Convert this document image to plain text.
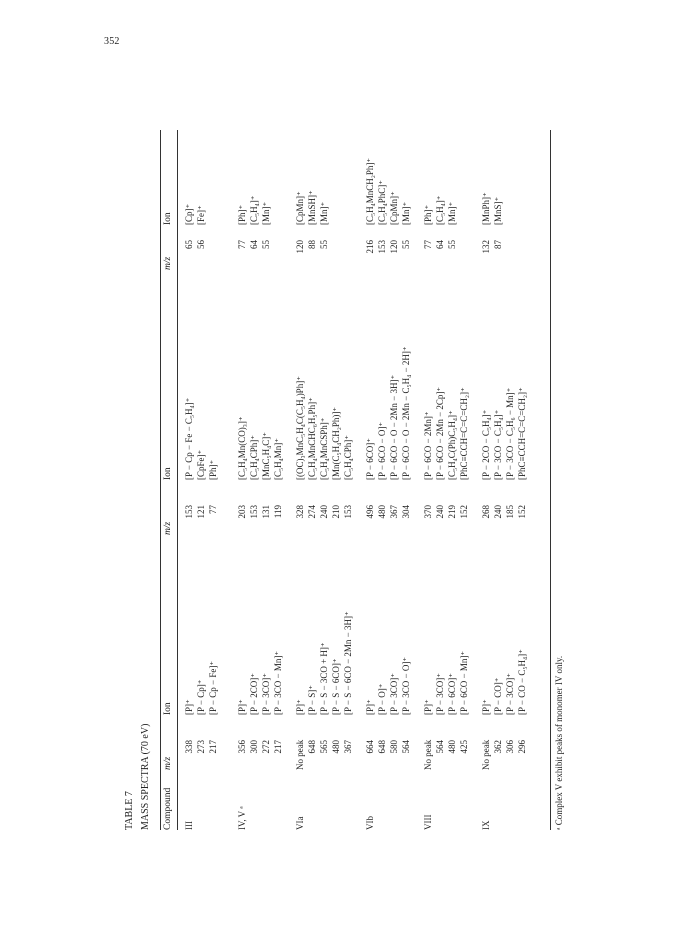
352
TABLE 7 MASS SPECTRA (70 eV) Compound
m/z
Ion
m/z
Ion
m/z
Ion
III
338 273 217
[P]⁺ [P − Cp]⁺ [P − Cp − Fe]⁺
153 121 77
[P − Cp − Fe − C₅H₄]⁺ [CpFe]⁺ [Ph]⁺
65 56
[Cp]⁺ [Fe]⁺
IV, V ᵃ
356 300 272 217
[P]⁺ [P − 2CO]⁺ [P − 3CO]⁺ [P − 3CO − Mn]⁺
203 153 131 119
[C₅H₄Mn(CO)₃]⁺ [C₅H₄CPh]⁺ [MnC₅H₄C]⁺ [C₅H₄Mn]⁺
77 64 55
[Ph]⁺ [C₅H₄]⁺ [Mn]⁺
VIa
No peak 648 565 480 367
[P]⁺ [P − S]⁺ [P − S − 3CO + H]⁺ [P − S − 6CO]⁺ [P − S − 6CO − 2Mn − 3H]⁺
328 274 240 210 153
[(OC)₃MnC₅H₄C(C₅H₄)Ph]⁺ [C₅H₄MnCHC₆H₅Ph]⁺ [C₅H₄MnCSPh]⁺ [Mn(C₅H₄CH₂Ph)]⁺ [C₅H₄CPh]⁺
120 88 55
[CpMn]⁺ [MnSH]⁺ [Mn]⁺
VIb
664 648 580 564
[P]⁺ [P − O]⁺ [P − 3CO]⁺ [P − 3CO − O]⁺
496 480 367 304
[P − 6CO]⁺ [P − 6CO − O]⁺ [P − 6CO − O − 2Mn − 3H]⁺ [P − 6CO − O − 2Mn − C₅H₄ − 2H]⁺
216 153 120 55
[C₅H₄MnCH₂Ph]⁺ [C₅H₄PhC]⁺ [CpMn]⁺ [Mn]⁺
VIII
No peak 564 480 425
[P]⁺ [P − 3CO]⁺ [P − 6CO]⁺ [P − 6CO − Mn]⁺
370 240 219 152
[P − 6CO − 2Mn]⁺ [P − 6CO − 2Mn − 2Cp]⁺ [C₅H₄C(Ph)C₅H₄]⁺ [PhC≡CCH=C=C=CH₂]⁺
77 64 55
[Ph]⁺ [C₅H₄]⁺ [Mn]⁺
IX
No peak 362 306 296
[P]⁺ [P − CO]⁺ [P − 3CO]⁺ [P − CO − C₅H₄]⁺
268 240 185 152
[P − 2CO − C₅H₄]⁺ [P − 3CO − C₅H₄]⁺ [P − 3CO − C₅H₆ − Mn]⁺ [PhC≡CCH=C=C=CH₂]⁺
132 87
[MnPh]⁺ [MnS]⁺
ᵃ Complex V exhibit peaks of monomer IV only.
